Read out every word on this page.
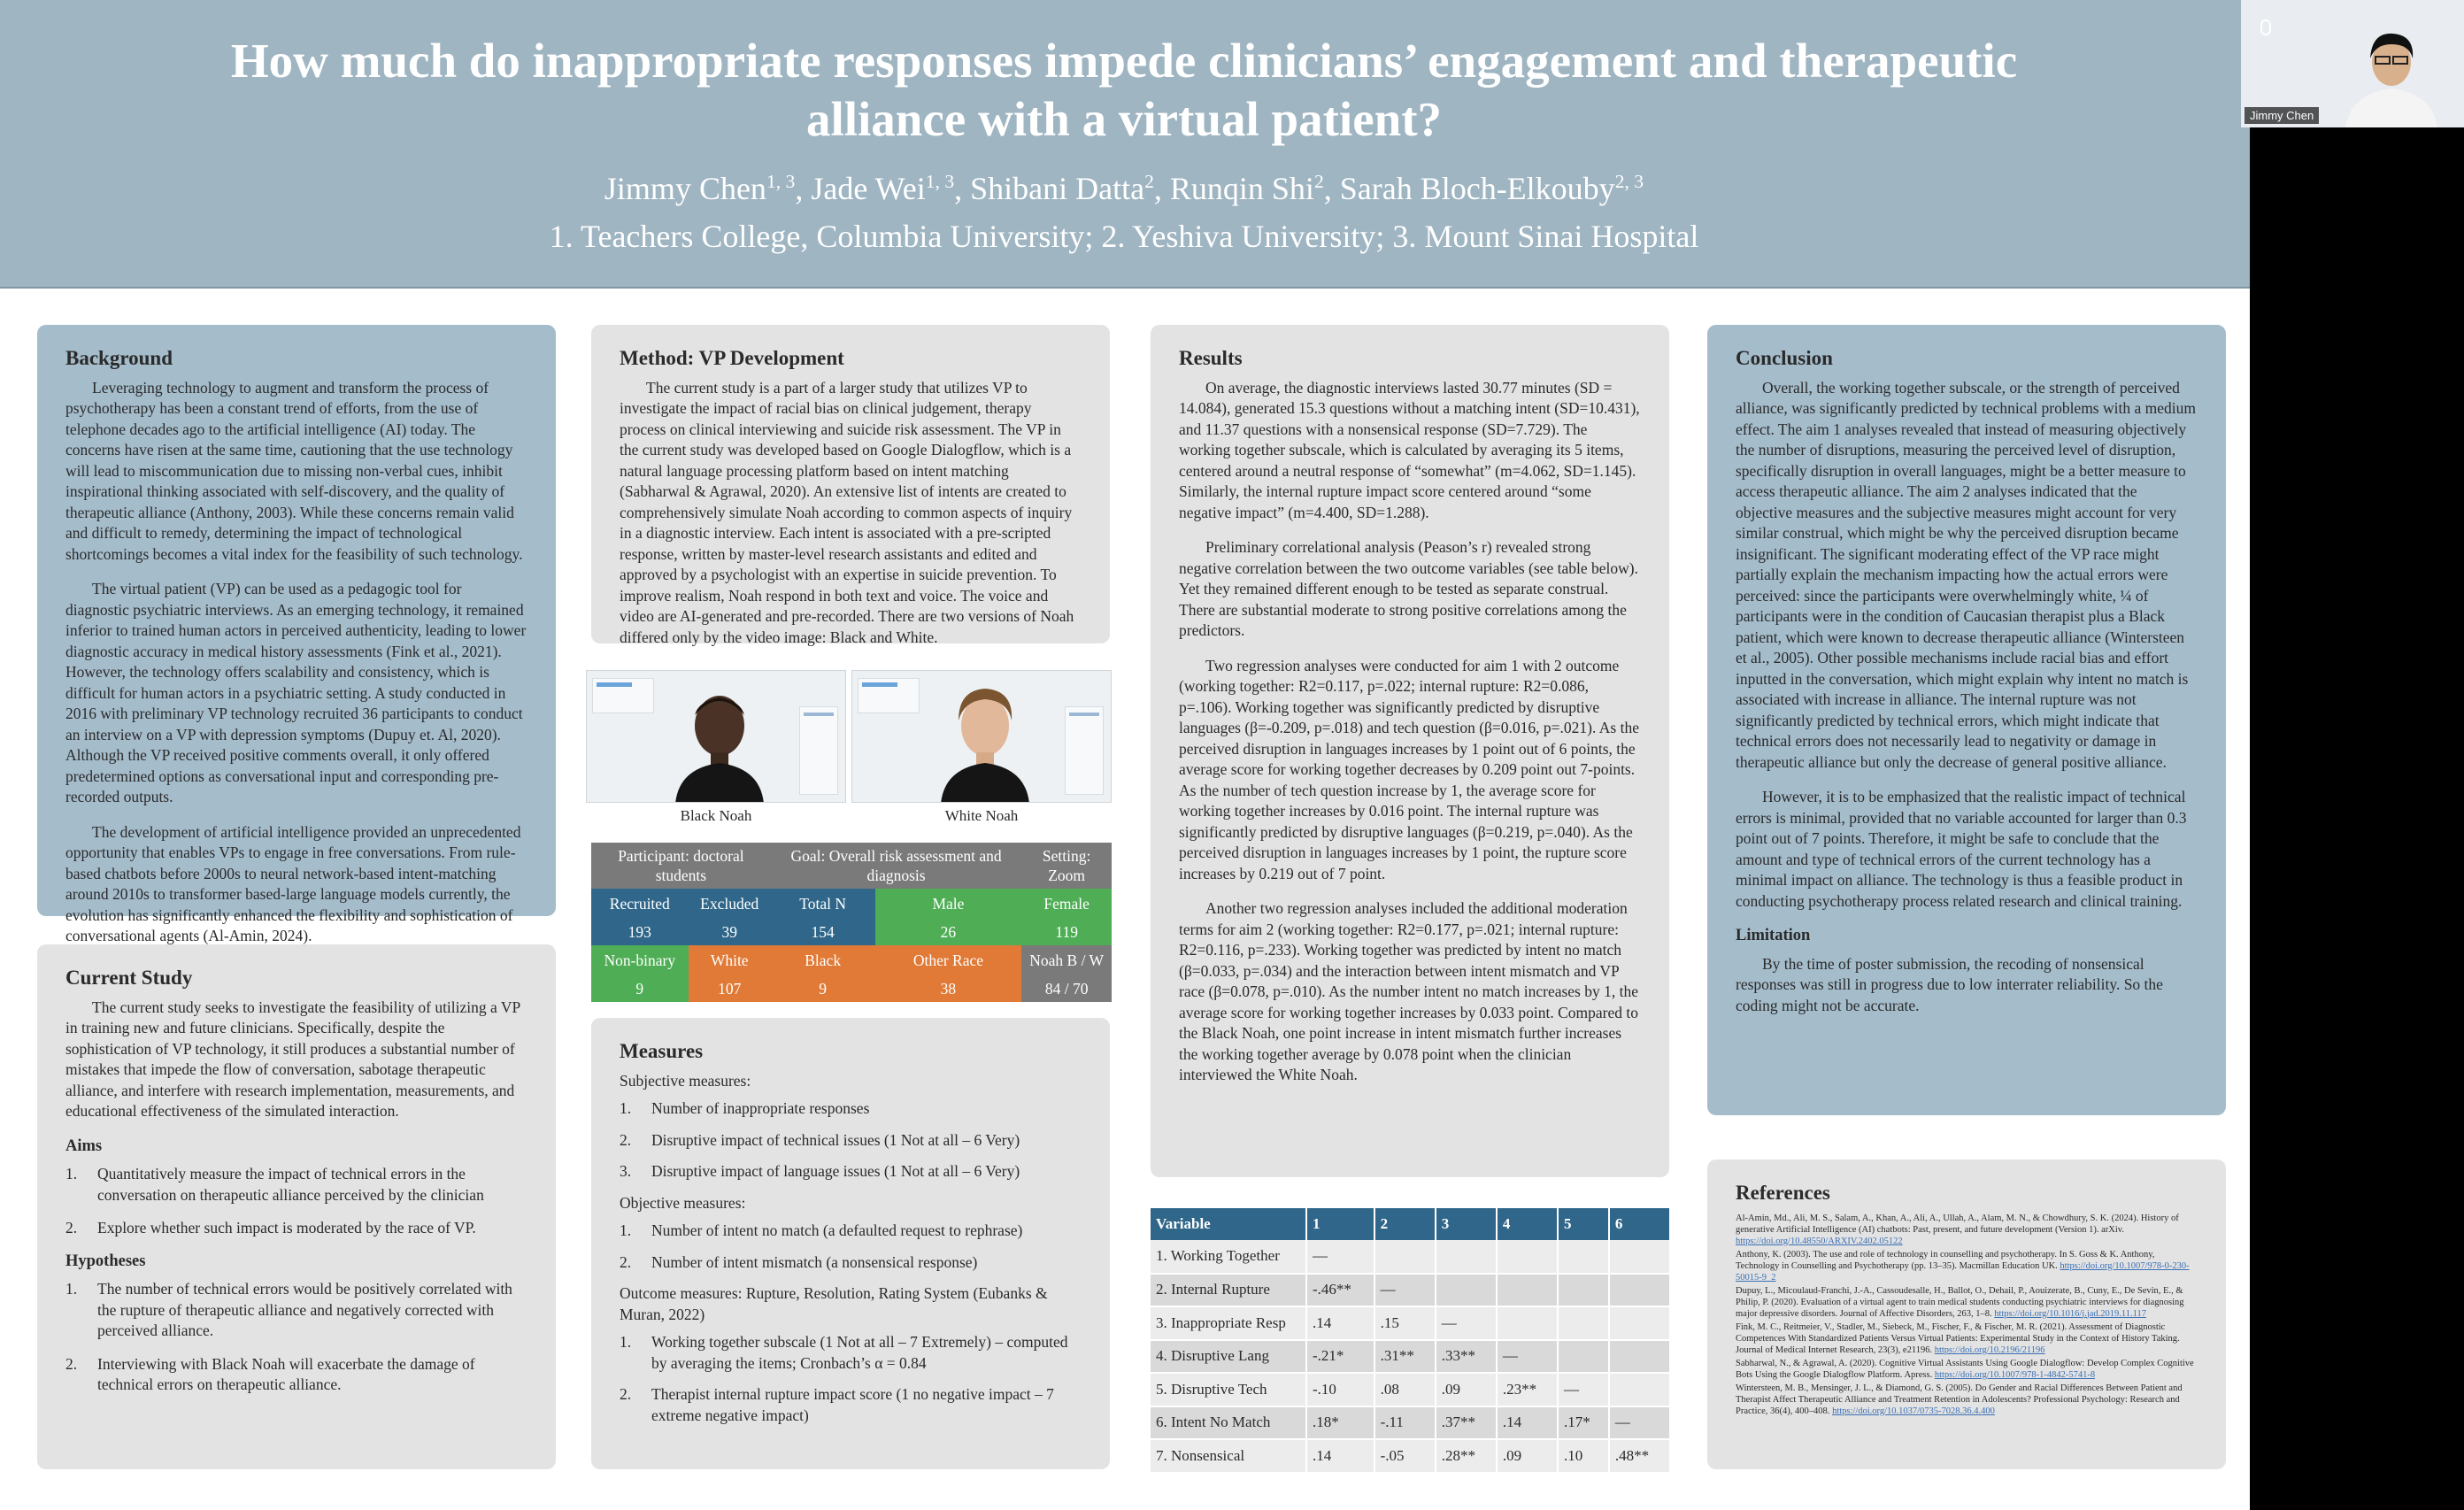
How much do inappropriate responses impede clinicians’ engagement and therapeutic
alliance with a virtual patient?
Jimmy Chen$^{1, 3}$, Jade Wei$^{1, 3}$, Shibani Datta$^2$, Runqin Shi$^2$, Sarah Bloch-Elkouby$^{2, 3}$
1. Teachers College, Columbia University; 2. Yeshiva University; 3. Mount Sinai Hospital
Background

Leveraging technology to augment and transform the process of psychotherapy has been a constant trend of efforts, from the use of telephone decades ago to the artificial intelligence (AI) today. The concerns have risen at the same time, cautioning that the use technology will lead to miscommunication due to missing non-verbal cues, inhibit inspirational thinking associated with self-discovery, and the quality of therapeutic alliance (Anthony, 2003). While these concerns remain valid and difficult to remedy, determining the impact of technological shortcomings becomes a vital index for the feasibility of such technology.

The virtual patient (VP) can be used as a pedagogic tool for diagnostic psychiatric interviews. As an emerging technology, it remained inferior to trained human actors in perceived authenticity, leading to lower diagnostic accuracy in medical history assessments (Fink et al., 2021). However, the technology offers scalability and consistency, which is difficult for human actors in a psychiatric setting. A study conducted in 2016 with preliminary VP technology recruited 36 participants to conduct an interview on a VP with depression symptoms (Dupuy et. Al, 2020). Although the VP received positive comments overall, it only offered predetermined options as conversational input and corresponding pre-recorded outputs.

The development of artificial intelligence provided an unprecedented opportunity that enables VPs to engage in free conversations. From rule-based chatbots before 2000s to neural network-based intent-matching around 2010s to transformer based-large language models currently, the evolution has significantly enhanced the flexibility and sophistication of conversational agents (Al-Amin, 2024).

Current Study

The current study seeks to investigate the feasibility of utilizing a VP in training new and future clinicians. Specifically, despite the sophistication of VP technology, it still produces a substantial number of mistakes that impede the flow of conversation, sabotage therapeutic alliance, and interfere with research implementation, measurements, and educational effectiveness of the simulated interaction.

Aims
1. Quantitatively measure the impact of technical errors in the conversation on therapeutic alliance perceived by the clinician
2. Explore whether such impact is moderated by the race of VP.
Hypotheses
1. The number of technical errors would be positively correlated with the rupture of therapeutic alliance and negatively corrected with perceived alliance.
2. Interviewing with Black Noah will exacerbate the damage of technical errors on therapeutic alliance.
Method: VP Development

The current study is a part of a larger study that utilizes VP to investigate the impact of racial bias on clinical judgement, therapy process on clinical interviewing and suicide risk assessment. The VP in the current study was developed based on Google Dialogflow, which is a natural language processing platform based on intent matching (Sabharwal & Agrawal, 2020). An extensive list of intents are created to comprehensively simulate Noah according to common aspects of inquiry in a diagnostic interview. Each intent is associated with a pre-scripted response, written by master-level research assistants and edited and approved by a psychologist with an expertise in suicide prevention. To improve realism, Noah respond in both text and voice. The voice and video are AI-generated and pre-recorded. There are two versions of Noah differed only by the video image: Black and White.

Black Noah	White Noah
Participant: doctoral students		Goal: Overall risk assessment and diagnosis		Setting: Zoom
Recruited	Excluded	Total N	Male	Female
193	39	154	26	119
Non-binary	White	Black	Other Race	Noah B / W
9	107	9	38	84 / 70
Measures
Subjective measures:
1. Number of inappropriate responses
2. Disruptive impact of technical issues (1 Not at all – 6 Very)
3. Disruptive impact of language issues (1 Not at all – 6 Very)
Objective measures:
1. Number of intent no match (a defaulted request to rephrase)
2. Number of intent mismatch (a nonsensical response)
Outcome measures: Rupture, Resolution, Rating System (Eubanks & Muran, 2022)
1. Working together subscale (1 Not at all – 7 Extremely) – computed by averaging the items; Cronbach’s α = 0.84
2. Therapist internal rupture impact score (1 no negative impact – 7 extreme negative impact)
Results

On average, the diagnostic interviews lasted 30.77 minutes (SD = 14.084), generated 15.3 questions without a matching intent (SD=10.431), and 11.37 questions with a nonsensical response (SD=7.729). The working together subscale, which is calculated by averaging its 5 items, centered around a neutral response of “somewhat” (m=4.062, SD=1.145). Similarly, the internal rupture impact score centered around “some negative impact” (m=4.400, SD=1.288).

Preliminary correlational analysis (Peason’s r) revealed strong negative correlation between the two outcome variables (see table below). Yet they remained different enough to be tested as separate construal. There are substantial moderate to strong positive correlations among the predictors.

Two regression analyses were conducted for aim 1 with 2 outcome (working together: R2=0.117, p=.022; internal rupture: R2=0.086, p=.106). Working together was significantly predicted by disruptive languages (β=-0.209, p=.018) and tech question (β=0.016, p=.021). As the perceived disruption in languages increases by 1 point out of 6 points, the average score for working together decreases by 0.209 point out 7-points. As the number of tech question increase by 1, the average score for working together increases by 0.016 point. The internal rupture was significantly predicted by disruptive languages (β=0.219, p=.040). As the perceived disruption in languages increases by 1 point, the rupture score increases by 0.219 out of 7 point.

Another two regression analyses included the additional moderation terms for aim 2 (working together: R2=0.177, p=.021; internal rupture: R2=0.116, p=.233). Working together was predicted by intent no match (β=0.033, p=.034) and the interaction between intent mismatch and VP race (β=0.078, p=.010). As the number intent no match increases by 1, the average score for working together increases by 0.033 point. Compared to the Black Noah, one point increase in intent mismatch further increases the working together average by 0.078 point when the clinician interviewed the White Noah.

Variable	1	2	3	4	5	6
1. Working Together	—					
2. Internal Rupture	-.46**	—				
3. Inappropriate Resp	.14	.15	—			
4. Disruptive Lang	-.21*	.31**	.33**	—		
5. Disruptive Tech	-.10	.08	.09	.23**	—	
6. Intent No Match	.18*	-.11	.37**	.14	.17*	—
7. Nonsensical	.14	-.05	.28**	.09	.10	.48**
Conclusion

Overall, the working together subscale, or the strength of perceived alliance, was significantly predicted by technical problems with a medium effect. The aim 1 analyses revealed that instead of measuring objectively the number of disruptions, measuring the perceived level of disruption, specifically disruption in overall languages, might be a better measure to access therapeutic alliance. The aim 2 analyses indicated that the objective measures and the subjective measures might account for very similar construal, which might be why the perceived disruption became insignificant. The significant moderating effect of the VP race might partially explain the mechanism impacting how the actual errors were perceived: since the participants were overwhelmingly white, ¼ of participants were in the condition of Caucasian therapist plus a Black patient, which were known to decrease therapeutic alliance (Wintersteen et al., 2005). Other possible mechanisms include racial bias and effort inputted in the conversation, which might explain why intent no match is associated with increase in alliance. The internal rupture was not significantly predicted by technical errors, which might indicate that technical errors does not necessarily lead to negativity or damage in therapeutic alliance but only the decrease of general positive alliance.

However, it is to be emphasized that the realistic impact of technical errors is minimal, provided that no variable accounted for larger than 0.3 point out of 7 points. Therefore, it might be safe to conclude that the amount and type of technical errors of the current technology has a minimal impact on alliance. The technology is thus a feasible product in conducting psychotherapy process related research and clinical training.

Limitation

By the time of poster submission, the recoding of nonsensical responses was still in progress due to low interrater reliability. So the coding might not be accurate.

References
Al-Amin, Md., Ali, M. S., Salam, A., Khan, A., Ali, A., Ullah, A., Alam, M. N., & Chowdhury, S. K. (2024). History of generative Artificial Intelligence (AI) chatbots: Past, present, and future development (Version 1). arXiv. https://doi.org/10.48550/ARXIV.2402.05122
Anthony, K. (2003). The use and role of technology in counselling and psychotherapy. In S. Goss & K. Anthony, Technology in Counselling and Psychotherapy (pp. 13–35). Macmillan Education UK. https://doi.org/10.1007/978-0-230-50015-9_2
Dupuy, L., Micoulaud-Franchi, J.-A., Cassoudesalle, H., Ballot, O., Dehail, P., Aouizerate, B., Cuny, E., De Sevin, E., & Philip, P. (2020). Evaluation of a virtual agent to train medical students conducting psychiatric interviews for diagnosing major depressive disorders. Journal of Affective Disorders, 263, 1–8. https://doi.org/10.1016/j.jad.2019.11.117
Fink, M. C., Reitmeier, V., Stadler, M., Siebeck, M., Fischer, F., & Fischer, M. R. (2021). Assessment of Diagnostic Competences With Standardized Patients Versus Virtual Patients: Experimental Study in the Context of History Taking. Journal of Medical Internet Research, 23(3), e21196. https://doi.org/10.2196/21196
Sabharwal, N., & Agrawal, A. (2020). Cognitive Virtual Assistants Using Google Dialogflow: Develop Complex Cognitive Bots Using the Google Dialogflow Platform. Apress. https://doi.org/10.1007/978-1-4842-5741-8
Wintersteen, M. B., Mensinger, J. L., & Diamond, G. S. (2005). Do Gender and Racial Differences Between Patient and Therapist Affect Therapeutic Alliance and Treatment Retention in Adolescents? Professional Psychology: Research and Practice, 36(4), 400–408. https://doi.org/10.1037/0735-7028.36.4.400
Jimmy Chen
